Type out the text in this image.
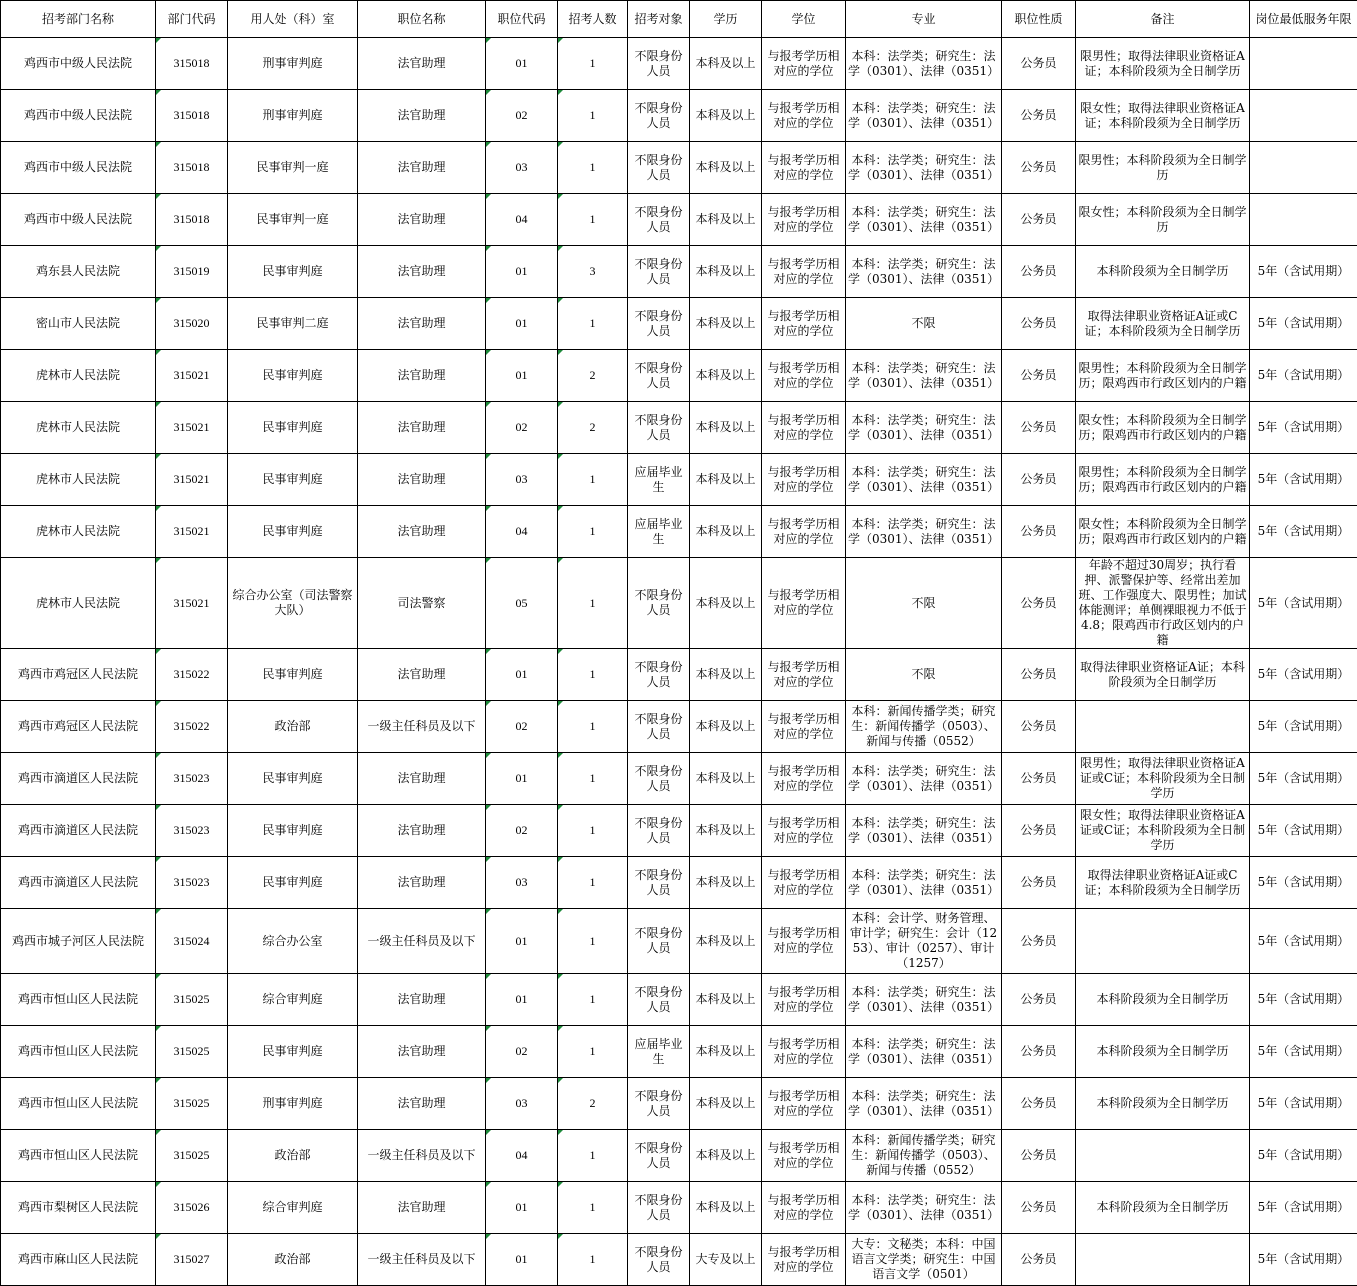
招考部门名称	部门代码	用人处（科）室	职位名称	职位代码	招考人数	招考对象	学历	学位	专业	职位性质	备注	岗位最低服务年限
鸡西市中级人民法院	315018	刑事审判庭	法官助理	01	1	不限身份人员	本科及以上	与报考学历相对应的学位	本科：法学类；研究生：法学（0301）、法律（0351）	公务员	限男性；取得法律职业资格证A证；本科阶段须为全日制学历	
鸡西市中级人民法院	315018	刑事审判庭	法官助理	02	1	不限身份人员	本科及以上	与报考学历相对应的学位	本科：法学类；研究生：法学（0301）、法律（0351）	公务员	限女性；取得法律职业资格证A证；本科阶段须为全日制学历	
鸡西市中级人民法院	315018	民事审判一庭	法官助理	03	1	不限身份人员	本科及以上	与报考学历相对应的学位	本科：法学类；研究生：法学（0301）、法律（0351）	公务员	限男性；本科阶段须为全日制学历	
鸡西市中级人民法院	315018	民事审判一庭	法官助理	04	1	不限身份人员	本科及以上	与报考学历相对应的学位	本科：法学类；研究生：法学（0301）、法律（0351）	公务员	限女性；本科阶段须为全日制学历	
鸡东县人民法院	315019	民事审判庭	法官助理	01	3	不限身份人员	本科及以上	与报考学历相对应的学位	本科：法学类；研究生：法学（0301）、法律（0351）	公务员	本科阶段须为全日制学历	5年（含试用期）
密山市人民法院	315020	民事审判二庭	法官助理	01	1	不限身份人员	本科及以上	与报考学历相对应的学位	不限	公务员	取得法律职业资格证A证或C证；本科阶段须为全日制学历	5年（含试用期）
虎林市人民法院	315021	民事审判庭	法官助理	01	2	不限身份人员	本科及以上	与报考学历相对应的学位	本科：法学类；研究生：法学（0301）、法律（0351）	公务员	限男性；本科阶段须为全日制学历；限鸡西市行政区划内的户籍	5年（含试用期）
虎林市人民法院	315021	民事审判庭	法官助理	02	2	不限身份人员	本科及以上	与报考学历相对应的学位	本科：法学类；研究生：法学（0301）、法律（0351）	公务员	限女性；本科阶段须为全日制学历；限鸡西市行政区划内的户籍	5年（含试用期）
虎林市人民法院	315021	民事审判庭	法官助理	03	1	应届毕业生	本科及以上	与报考学历相对应的学位	本科：法学类；研究生：法学（0301）、法律（0351）	公务员	限男性；本科阶段须为全日制学历；限鸡西市行政区划内的户籍	5年（含试用期）
虎林市人民法院	315021	民事审判庭	法官助理	04	1	应届毕业生	本科及以上	与报考学历相对应的学位	本科：法学类；研究生：法学（0301）、法律（0351）	公务员	限女性；本科阶段须为全日制学历；限鸡西市行政区划内的户籍	5年（含试用期）
虎林市人民法院	315021	综合办公室（司法警察大队）	司法警察	05	1	不限身份人员	本科及以上	与报考学历相对应的学位	不限	公务员	年龄不超过30周岁；执行看押、派警保护等、经常出差加班、工作强度大、限男性；加试体能测评；单侧裸眼视力不低于4.8；限鸡西市行政区划内的户籍	5年（含试用期）
鸡西市鸡冠区人民法院	315022	民事审判庭	法官助理	01	1	不限身份人员	本科及以上	与报考学历相对应的学位	不限	公务员	取得法律职业资格证A证；本科阶段须为全日制学历	5年（含试用期）
鸡西市鸡冠区人民法院	315022	政治部	一级主任科员及以下	02	1	不限身份人员	本科及以上	与报考学历相对应的学位	本科：新闻传播学类；研究生：新闻传播学（0503）、新闻与传播（0552）	公务员		5年（含试用期）
鸡西市滴道区人民法院	315023	民事审判庭	法官助理	01	1	不限身份人员	本科及以上	与报考学历相对应的学位	本科：法学类；研究生：法学（0301）、法律（0351）	公务员	限男性；取得法律职业资格证A证或C证；本科阶段须为全日制学历	5年（含试用期）
鸡西市滴道区人民法院	315023	民事审判庭	法官助理	02	1	不限身份人员	本科及以上	与报考学历相对应的学位	本科：法学类；研究生：法学（0301）、法律（0351）	公务员	限女性；取得法律职业资格证A证或C证；本科阶段须为全日制学历	5年（含试用期）
鸡西市滴道区人民法院	315023	民事审判庭	法官助理	03	1	不限身份人员	本科及以上	与报考学历相对应的学位	本科：法学类；研究生：法学（0301）、法律（0351）	公务员	取得法律职业资格证A证或C证；本科阶段须为全日制学历	5年（含试用期）
鸡西市城子河区人民法院	315024	综合办公室	一级主任科员及以下	01	1	不限身份人员	本科及以上	与报考学历相对应的学位	本科：会计学、财务管理、审计学；研究生：会计（1253）、审计（0257）、审计（1257）	公务员		5年（含试用期）
鸡西市恒山区人民法院	315025	综合审判庭	法官助理	01	1	不限身份人员	本科及以上	与报考学历相对应的学位	本科：法学类；研究生：法学（0301）、法律（0351）	公务员	本科阶段须为全日制学历	5年（含试用期）
鸡西市恒山区人民法院	315025	民事审判庭	法官助理	02	1	应届毕业生	本科及以上	与报考学历相对应的学位	本科：法学类；研究生：法学（0301）、法律（0351）	公务员	本科阶段须为全日制学历	5年（含试用期）
鸡西市恒山区人民法院	315025	刑事审判庭	法官助理	03	2	不限身份人员	本科及以上	与报考学历相对应的学位	本科：法学类；研究生：法学（0301）、法律（0351）	公务员	本科阶段须为全日制学历	5年（含试用期）
鸡西市恒山区人民法院	315025	政治部	一级主任科员及以下	04	1	不限身份人员	本科及以上	与报考学历相对应的学位	本科：新闻传播学类；研究生：新闻传播学（0503）、新闻与传播（0552）	公务员		5年（含试用期）
鸡西市梨树区人民法院	315026	综合审判庭	法官助理	01	1	不限身份人员	本科及以上	与报考学历相对应的学位	本科：法学类；研究生：法学（0301）、法律（0351）	公务员	本科阶段须为全日制学历	5年（含试用期）
鸡西市麻山区人民法院	315027	政治部	一级主任科员及以下	01	1	不限身份人员	大专及以上	与报考学历相对应的学位	大专：文秘类；本科：中国语言文学类；研究生：中国语言文学（0501）	公务员		5年（含试用期）
